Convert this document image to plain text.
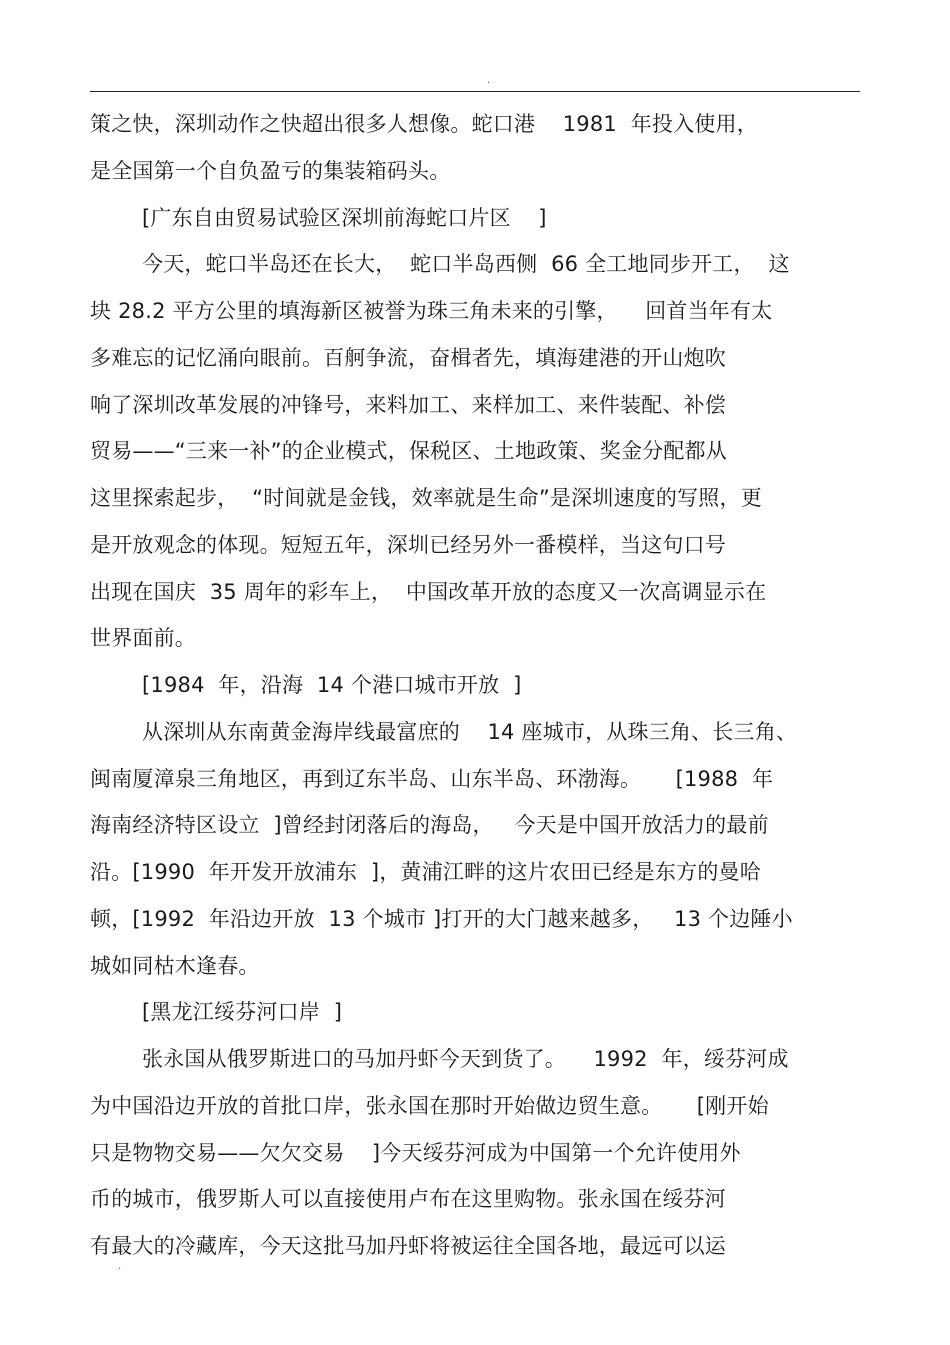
.
策之快，深圳动作之快超出很多人想像。蛇口港    1981  年投入使用，
是全国第一个自负盈亏的集装箱码头。
[广东自由贸易试验区深圳前海蛇口片区    ]
今天，蛇口半岛还在长大，  蛇口半岛西侧  66 全工地同步开工，  这
块 28.2 平方公里的填海新区被誉为珠三角未来的引擎，    回首当年有太
多难忘的记忆涌向眼前。百舸争流，奋楫者先，填海建港的开山炮吹
响了深圳改革发展的冲锋号，来料加工、来样加工、来件装配、补偿
贸易——“三来一补”的企业模式，保税区、土地政策、奖金分配都从
这里探索起步，  “时间就是金钱，效率就是生命”是深圳速度的写照，更
是开放观念的体现。短短五年，深圳已经另外一番模样，当这句口号
出现在国庆  35 周年的彩车上，  中国改革开放的态度又一次高调显示在
世界面前。
[1984  年，沿海  14 个港口城市开放  ]
从深圳从东南黄金海岸线最富庶的    14 座城市，从珠三角、长三角、
闽南厦漳泉三角地区，再到辽东半岛、山东半岛、环渤海。     [1988  年
海南经济特区设立  ]曾经封闭落后的海岛，   今天是中国开放活力的最前
沿。[1990  年开发开放浦东  ]，黄浦江畔的这片农田已经是东方的曼哈
顿，[1992  年沿边开放  13 个城市 ]打开的大门越来越多，   13 个边陲小
城如同枯木逢春。
[黑龙江绥芬河口岸  ]
张永国从俄罗斯进口的马加丹虾今天到货了。    1992  年，绥芬河成
为中国沿边开放的首批口岸，张永国在那时开始做边贸生意。     [刚开始
只是物物交易——欠欠交易    ]今天绥芬河成为中国第一个允许使用外
币的城市，俄罗斯人可以直接使用卢布在这里购物。张永国在绥芬河
有最大的冷藏库，今天这批马加丹虾将被运往全国各地，最远可以运
.
